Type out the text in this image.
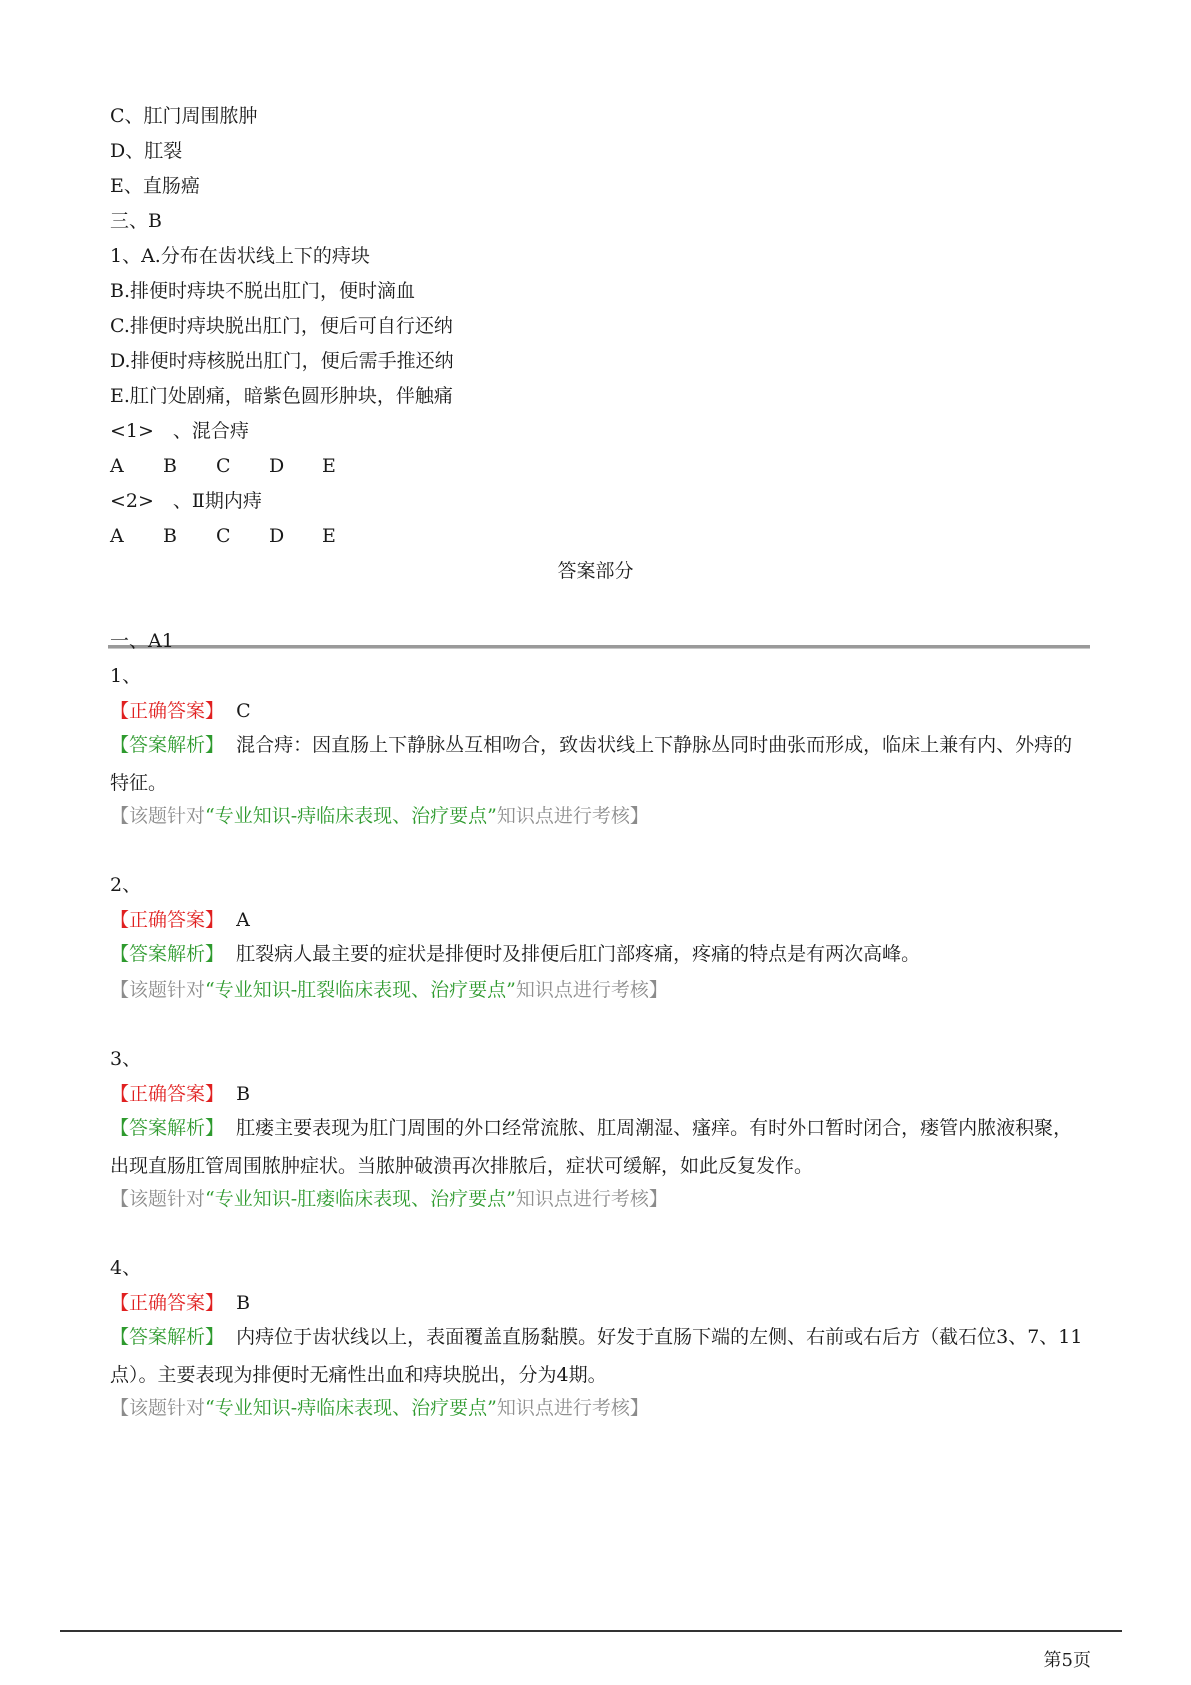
C、肛门周围脓肿
D、肛裂
E、直肠癌
三、B
1、A.分布在齿状线上下的痔块
B.排便时痔块不脱出肛门，便时滴血
C.排便时痔块脱出肛门，便后可自行还纳
D.排便时痔核脱出肛门，便后需手推还纳
E.肛门处剧痛，暗紫色圆形肿块，伴触痛
<1>　、混合痔
A B C D E
<2>　、Ⅱ期内痔
A B C D E
答案部分
一、A1
1、
【正确答案】 C
【答案解析】 混合痔：因直肠上下静脉丛互相吻合，致齿状线上下静脉丛同时曲张而形成，临床上兼有内、外痔的特征。
【该题针对“专业知识-痔临床表现、治疗要点”知识点进行考核】
2、
【正确答案】 A
【答案解析】 肛裂病人最主要的症状是排便时及排便后肛门部疼痛，疼痛的特点是有两次高峰。
【该题针对“专业知识-肛裂临床表现、治疗要点”知识点进行考核】
3、
【正确答案】 B
【答案解析】 肛瘘主要表现为肛门周围的外口经常流脓、肛周潮湿、瘙痒。有时外口暂时闭合，瘘管内脓液积聚，出现直肠肛管周围脓肿症状。当脓肿破溃再次排脓后，症状可缓解，如此反复发作。
【该题针对“专业知识-肛瘘临床表现、治疗要点”知识点进行考核】
4、
【正确答案】 B
【答案解析】 内痔位于齿状线以上，表面覆盖直肠黏膜。好发于直肠下端的左侧、右前或右后方（截石位3、7、11点）。主要表现为排便时无痛性出血和痔块脱出，分为4期。
【该题针对“专业知识-痔临床表现、治疗要点”知识点进行考核】
第5页
